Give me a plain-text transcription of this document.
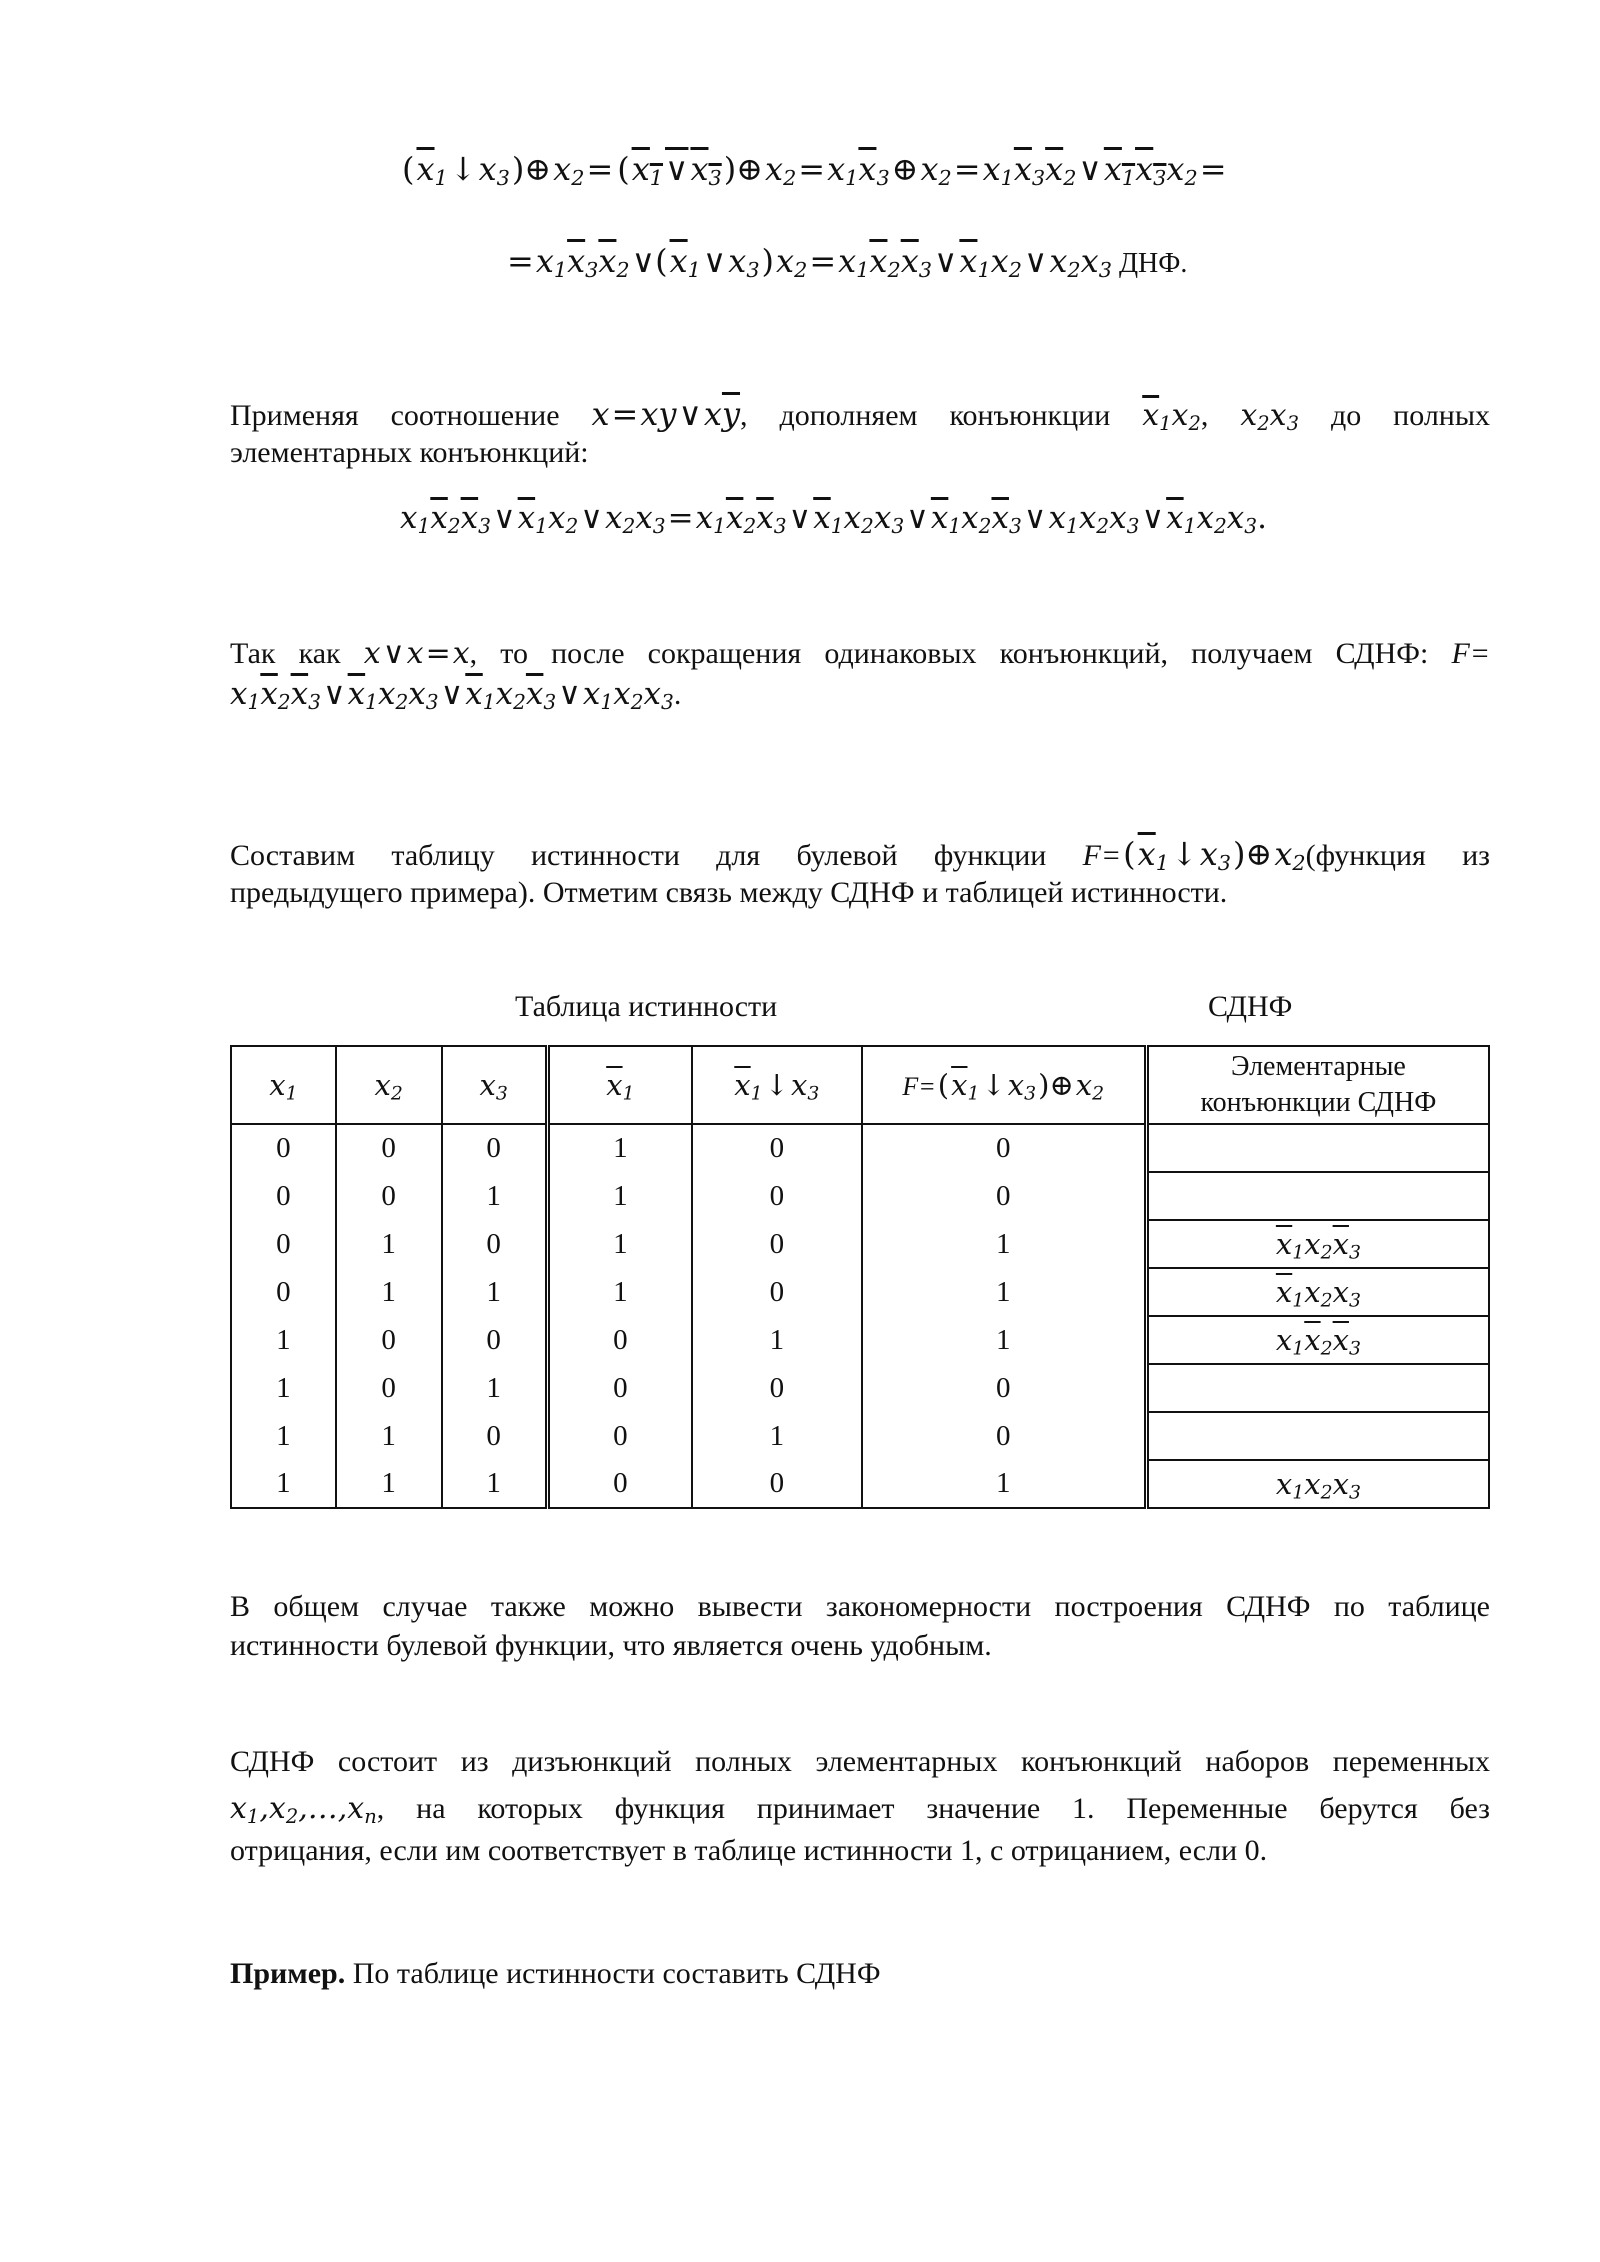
$(\overline{x}_1↓x_3)\oplus x_2=$ $(x_1\vee x_3)\oplus x_2=x_1\overline{x}_3\oplus x_2=x_1\overline{x}_3\overline{x}_2\vee x_1x_3x_2=$
$=x_1\overline{x}_3\overline{x}_2\vee(\overline{x}_1\vee x_3)x_2=x_1\overline{x}_2\overline{x}_3\vee\overline{x}_1x_2\vee x_2x_3$ ДНФ.
Применяя соотношение $x=xy\vee x\overline{y}$, дополняем конъюнкции $\overline{x}_1x_2$, $x_2x_3$ до полных
элементарных конъюнкций:
$x_1\overline{x}_2\overline{x}_3\vee\overline{x}_1x_2\vee x_2x_3=x_1\overline{x}_2\overline{x}_3\vee\overline{x}_1x_2x_3\vee\overline{x}_1x_2\overline{x}_3\vee x_1x_2x_3\vee\overline{x}_1x_2x_3$.
Так как x∨x=x, то после сокращения одинаковых конъюнкций, получаем СДНФ: F=
$x_1\overline{x}_2\overline{x}_3\vee\overline{x}_1x_2x_3\vee\overline{x}_1x_2\overline{x}_3\vee x_1x_2x_3$.
Составим таблицу истинности для булевой функции $F=(\overline{x}_1↓x_3)\oplus x_2(функция$ из
предыдущего примера). Отметим связь между СДНФ и таблицей истинности.
Таблица истинности	СДНФ
$x_1$	$x_2$	$x_3$	$\overline{x}_1$	$\overline{x}_1↓x_3$	$F=(\overline{x}_1↓x_3)\oplus x_2$	Элементарные конъюнкции СДНФ
0	0	0	1	0	0	
0	0	1	1	0	0	
0	1	0	1	0	1	$\overline{x}_1x_2\overline{x}_3$
0	1	1	1	0	1	$\overline{x}_1x_2x_3$
1	0	0	0	1	1	$x_1\overline{x}_2\overline{x}_3$
1	0	1	0	0	0	
1	1	0	0	1	0	
1	1	1	0	0	1	$x_1x_2x_3$
В общем случае также можно вывести закономерности построения СДНФ по таблице
истинности булевой функции, что является очень удобным.
СДНФ состоит из дизъюнкций полных элементарных конъюнкций наборов переменных
$x_1,x_2,\dots,x_n$, на которых функция принимает значение 1. Переменные берутся без
отрицания, если им соответствует в таблице истинности 1, с отрицанием, если 0.
Пример. По таблице истинности составить СДНФ
